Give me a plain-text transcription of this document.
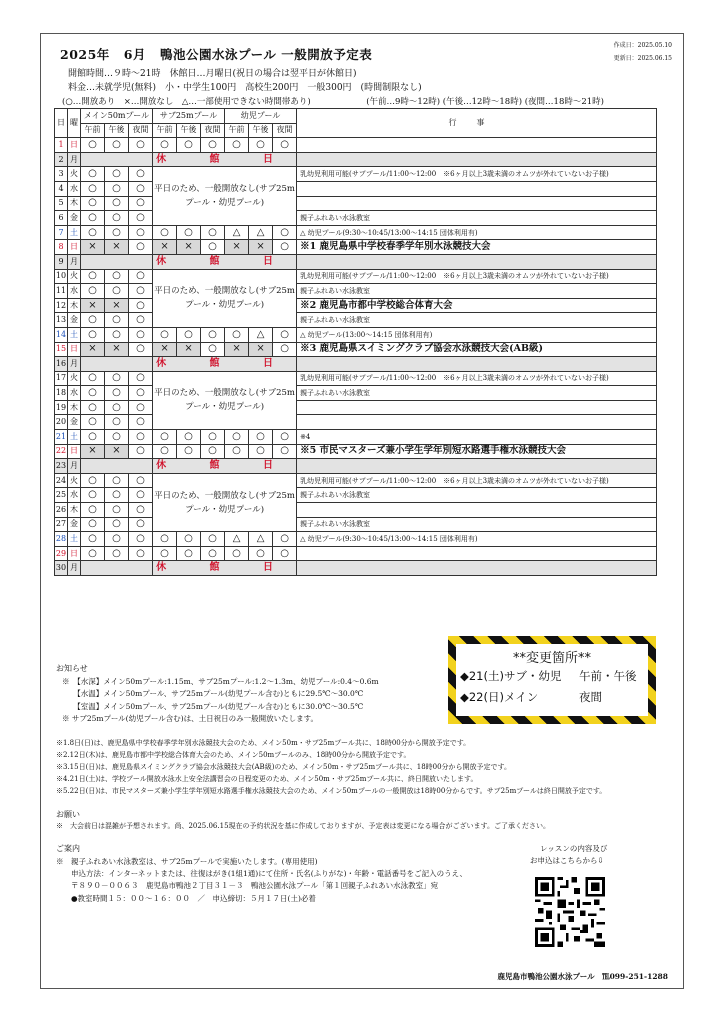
2025年 6月 鴨池公園水泳プール 一般開放予定表
作成日：2025.05.10
更新日：2025.06.15
開館時間…９時～21時　休館日…月曜日(祝日の場合は翌平日が休館日)
料金…未就学児(無料)　小・中学生100円　高校生200円　一般300円　(時間制限なし)
(○…開放あり　×…開放なし　△…一部使用できない時間帯あり)	(午前…9時～12時) (午後…12時～18時) (夜間…18時～21時)
日	曜	メイン50mプール			サブ25mプール			幼児プール			行事
		午前	午後	夜間	午前	午後	夜間	午前	午後	夜間	
1	日	○	○	○	○	○	○	○	○	○	
2	月				休 館 日						
3	火	○	○	○	平日のため、一般開放なし(サブ25mプール・幼児プール)						乳幼児利用可能(サブプール/11:00～12:00　※6ヶ月以上3歳未満のオムツが外れていないお子様)
4	水	○	○	○							
5	木	○	○	○							
6	金	○	○	○							親子ふれあい水泳教室
7	土	○	○	○	○	○	○	△	△	○	△ 幼児プール(9:30～10:45/13:00～14:15 団体利用有)
8	日	×	×	○	×	×	○	×	×	○	※1 鹿児島県中学校春季学年別水泳競技大会
9	月				休 館 日						
10	火	○	○	○	平日のため、一般開放なし(サブ25mプール・幼児プール)						乳幼児利用可能(サブプール/11:00～12:00　※6ヶ月以上3歳未満のオムツが外れていないお子様)
11	水	○	○	○							親子ふれあい水泳教室
12	木	×	×	○							※2 鹿児島市都中学校総合体育大会
13	金	○	○	○							親子ふれあい水泳教室
14	土	○	○	○	○	○	○	○	△	○	△ 幼児プール(13:00～14:15 団体利用有)
15	日	×	×	○	×	×	○	×	×	○	※3 鹿児島県スイミングクラブ協会水泳競技大会(AB級)
16	月				休 館 日						
17	火	○	○	○	平日のため、一般開放なし(サブ25mプール・幼児プール)						乳幼児利用可能(サブプール/11:00～12:00　※6ヶ月以上3歳未満のオムツが外れていないお子様)
18	水	○	○	○							親子ふれあい水泳教室
19	木	○	○	○							
20	金	○	○	○							
21	土	○	○	○	○	○	○	○	○	○	※4
22	日	×	×	○	○	○	○	○	○	○	※5 市民マスターズ兼小学生学年別短水路選手権水泳競技大会
23	月				休 館 日						
24	火	○	○	○	平日のため、一般開放なし(サブ25mプール・幼児プール)						乳幼児利用可能(サブプール/11:00～12:00　※6ヶ月以上3歳未満のオムツが外れていないお子様)
25	水	○	○	○							親子ふれあい水泳教室
26	木	○	○	○							
27	金	○	○	○							親子ふれあい水泳教室
28	土	○	○	○	○	○	○	△	△	○	△ 幼児プール(9:30～10:45/13:00～14:15 団体利用有)
29	日	○	○	○	○	○	○	○	○	○	
30	月				休 館 日						
**変更箇所**
◆21(土)サブ・幼児 午前・午後
◆22(日)メイン	夜間
お知らせ
※　【水深】メイン50mプール:1.15m、サブ25mプール:1.2～1.3m、幼児プール:0.4～0.6m
　　【水温】メイン50mプール、サブ25mプール(幼児プール含む)ともに29.5℃～30.0℃
　　【室温】メイン50mプール、サブ25mプール(幼児プール含む)ともに30.0℃～30.5℃
※ サブ25mプール(幼児プール含む)は、土日祝日のみ一般開放いたします。
※1.8日(日)は、鹿児島県中学校春季学年別水泳競技大会のため、メイン50m・サブ25mプール共に、18時00分から開放予定です。
※2.12日(木)は、鹿児島市都中学校総合体育大会のため、メイン50mプールのみ、18時00分から開放予定です。
※3.15日(日)は、鹿児島県スイミングクラブ協会水泳競技大会(AB級)のため、メイン50m・サブ25mプール共に、18時00分から開放予定です。
※4.21日(土)は、学校プール開放水泳水上安全法講習会の日程変更のため、メイン50m・サブ25mプール共に、終日開放いたします。
※5.22日(日)は、市民マスターズ兼小学生学年別短水路選手権水泳競技大会のため、メイン50mプールの一般開放は18時00分からです。サブ25mプールは終日開放予定です。
お願い
※　大会前日は混雑が予想されます。尚、2025.06.15現在の予約状況を基に作成しておりますが、予定表は変更になる場合がございます。ご了承ください。
ご案内
※　親子ふれあい水泳教室は、サブ25mプールで実施いたします。(専用使用)
　　申込方法：インターネットまたは、往復はがき(1組1通)にて住所・氏名(ふりがな)・年齢・電話番号をご記入のうえ、
　　〒８９０－００６３　鹿児島市鴨池２丁目３１－３　鴨池公園水泳プール「第１回親子ふれあい水泳教室」宛
　　●教室時間１５：００～１６：００　／　申込締切：５月１７日(土)必着
レッスンの内容及び
お申込はこちらから⇩
鹿児島市鴨池公園水泳プール　℡099-251-1288
